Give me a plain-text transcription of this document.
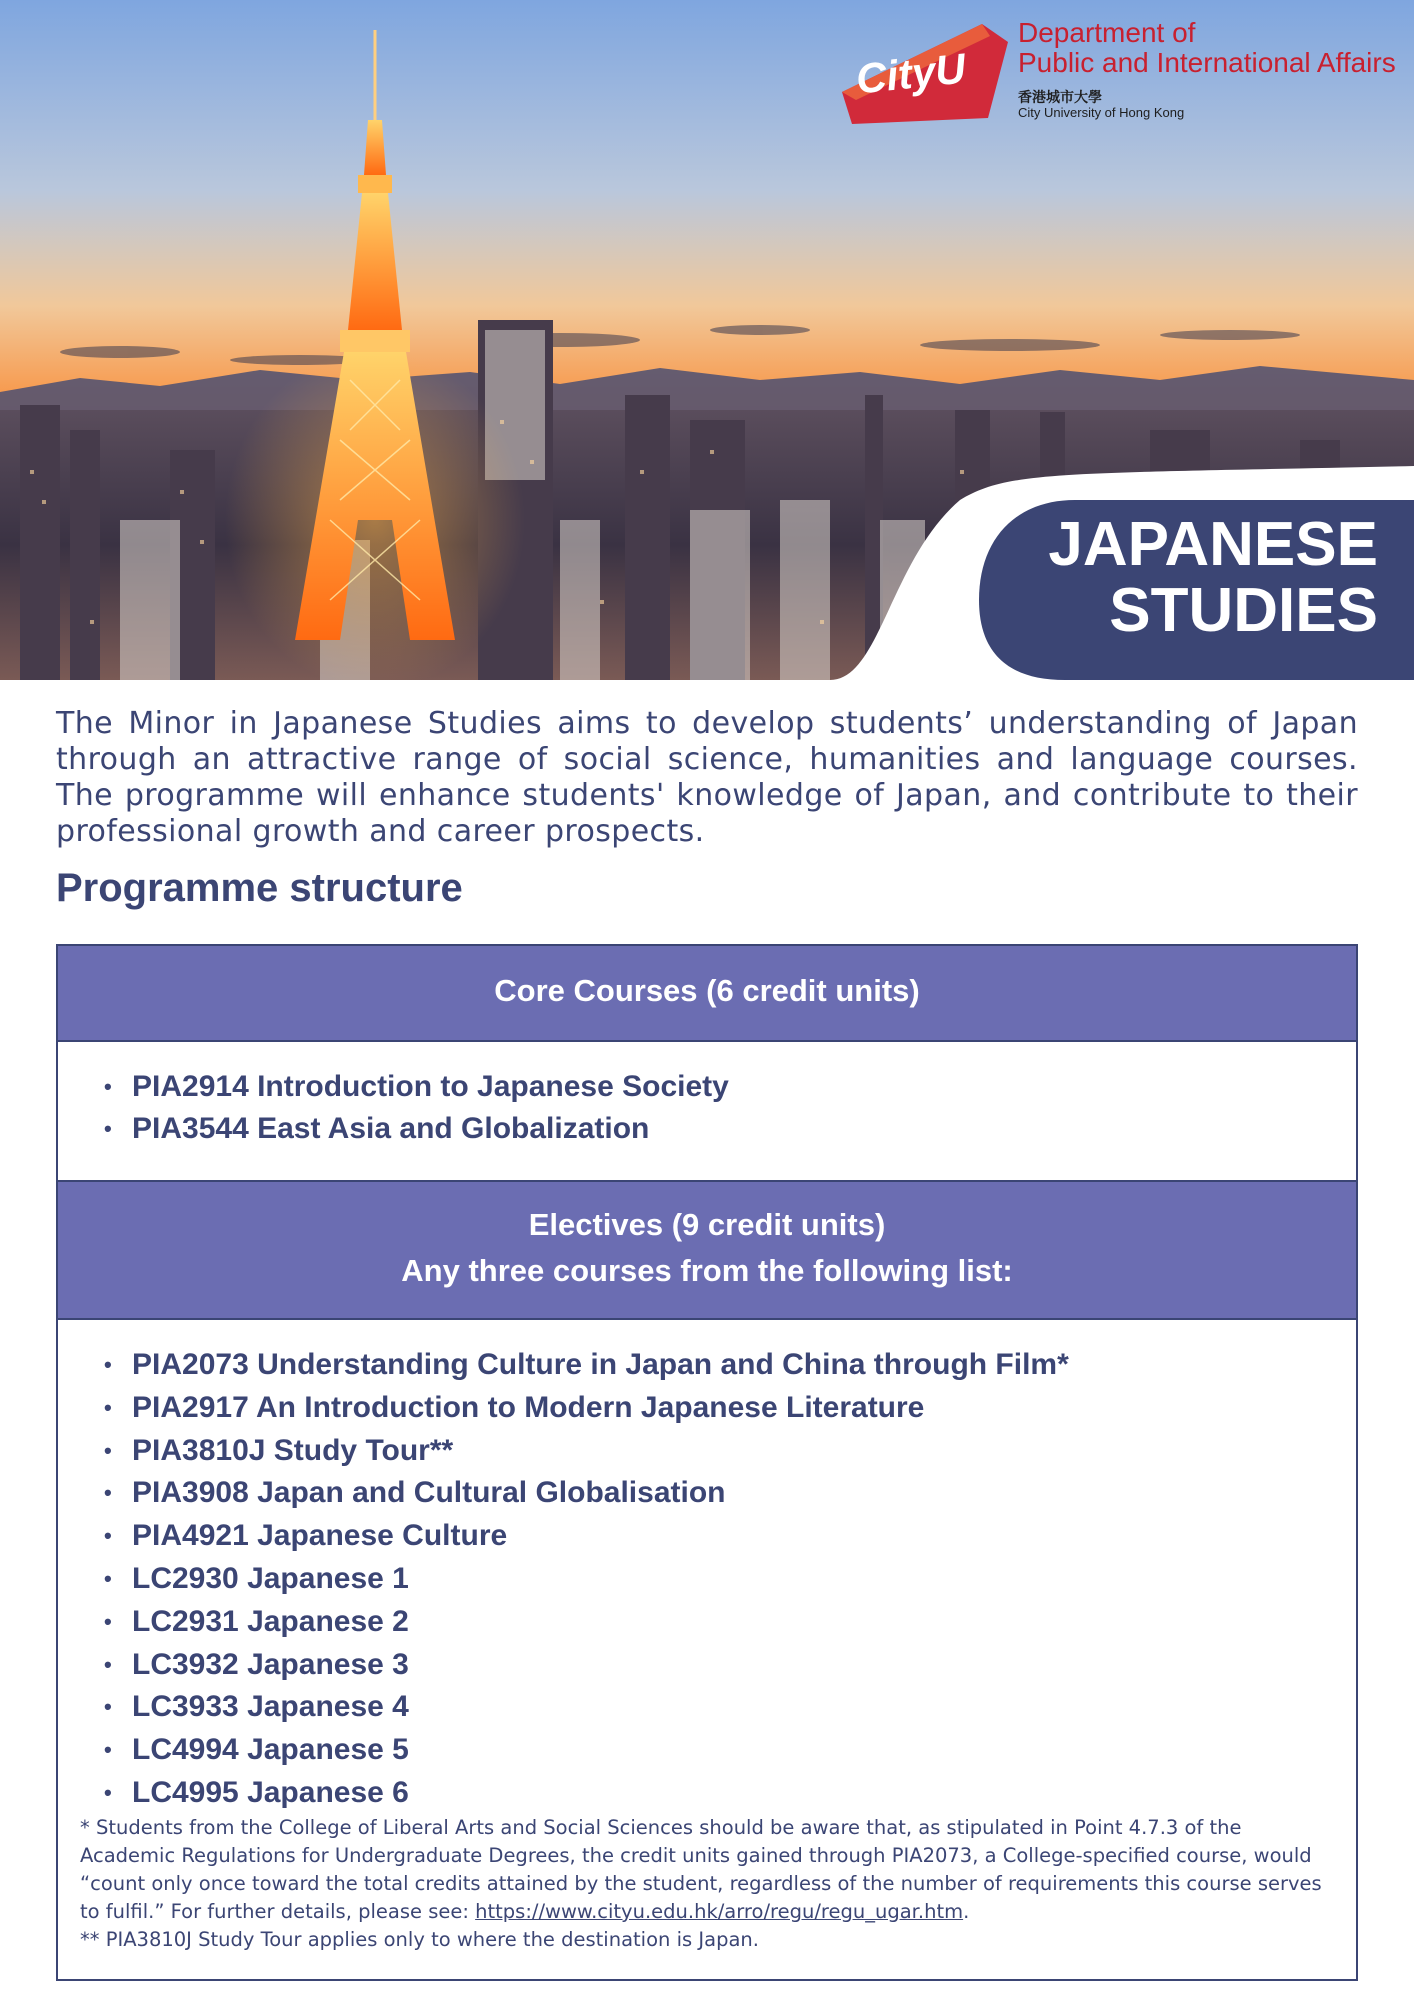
CityU
Department of
Public and International Affairs
香港城市大學
City University of Hong Kong
JAPANESE
STUDIES

The Minor in Japanese Studies aims to develop students’ understanding of Japan through an attractive range of social science, humanities and language courses. The programme will enhance students' knowledge of Japan, and contribute to their professional growth and career prospects.

Programme structure
Core Courses (6 credit units)
• PIA2914 Introduction to Japanese Society
• PIA3544 East Asia and Globalization
Electives (9 credit units)
Any three courses from the following list:
• PIA2073 Understanding Culture in Japan and China through Film*
• PIA2917 An Introduction to Modern Japanese Literature
• PIA3810J Study Tour**
• PIA3908 Japan and Cultural Globalisation
• PIA4921 Japanese Culture
• LC2930 Japanese 1
• LC2931 Japanese 2
• LC3932 Japanese 3
• LC3933 Japanese 4
• LC4994 Japanese 5
• LC4995 Japanese 6

* Students from the College of Liberal Arts and Social Sciences should be aware that, as stipulated in Point 4.7.3 of the Academic Regulations for Undergraduate Degrees, the credit units gained through PIA2073, a College-specified course, would “count only once toward the total credits attained by the student, regardless of the number of requirements this course serves to fulfil.” For further details, please see: https://www.cityu.edu.hk/arro/regu/regu_ugar.htm.

** PIA3810J Study Tour applies only to where the destination is Japan.
